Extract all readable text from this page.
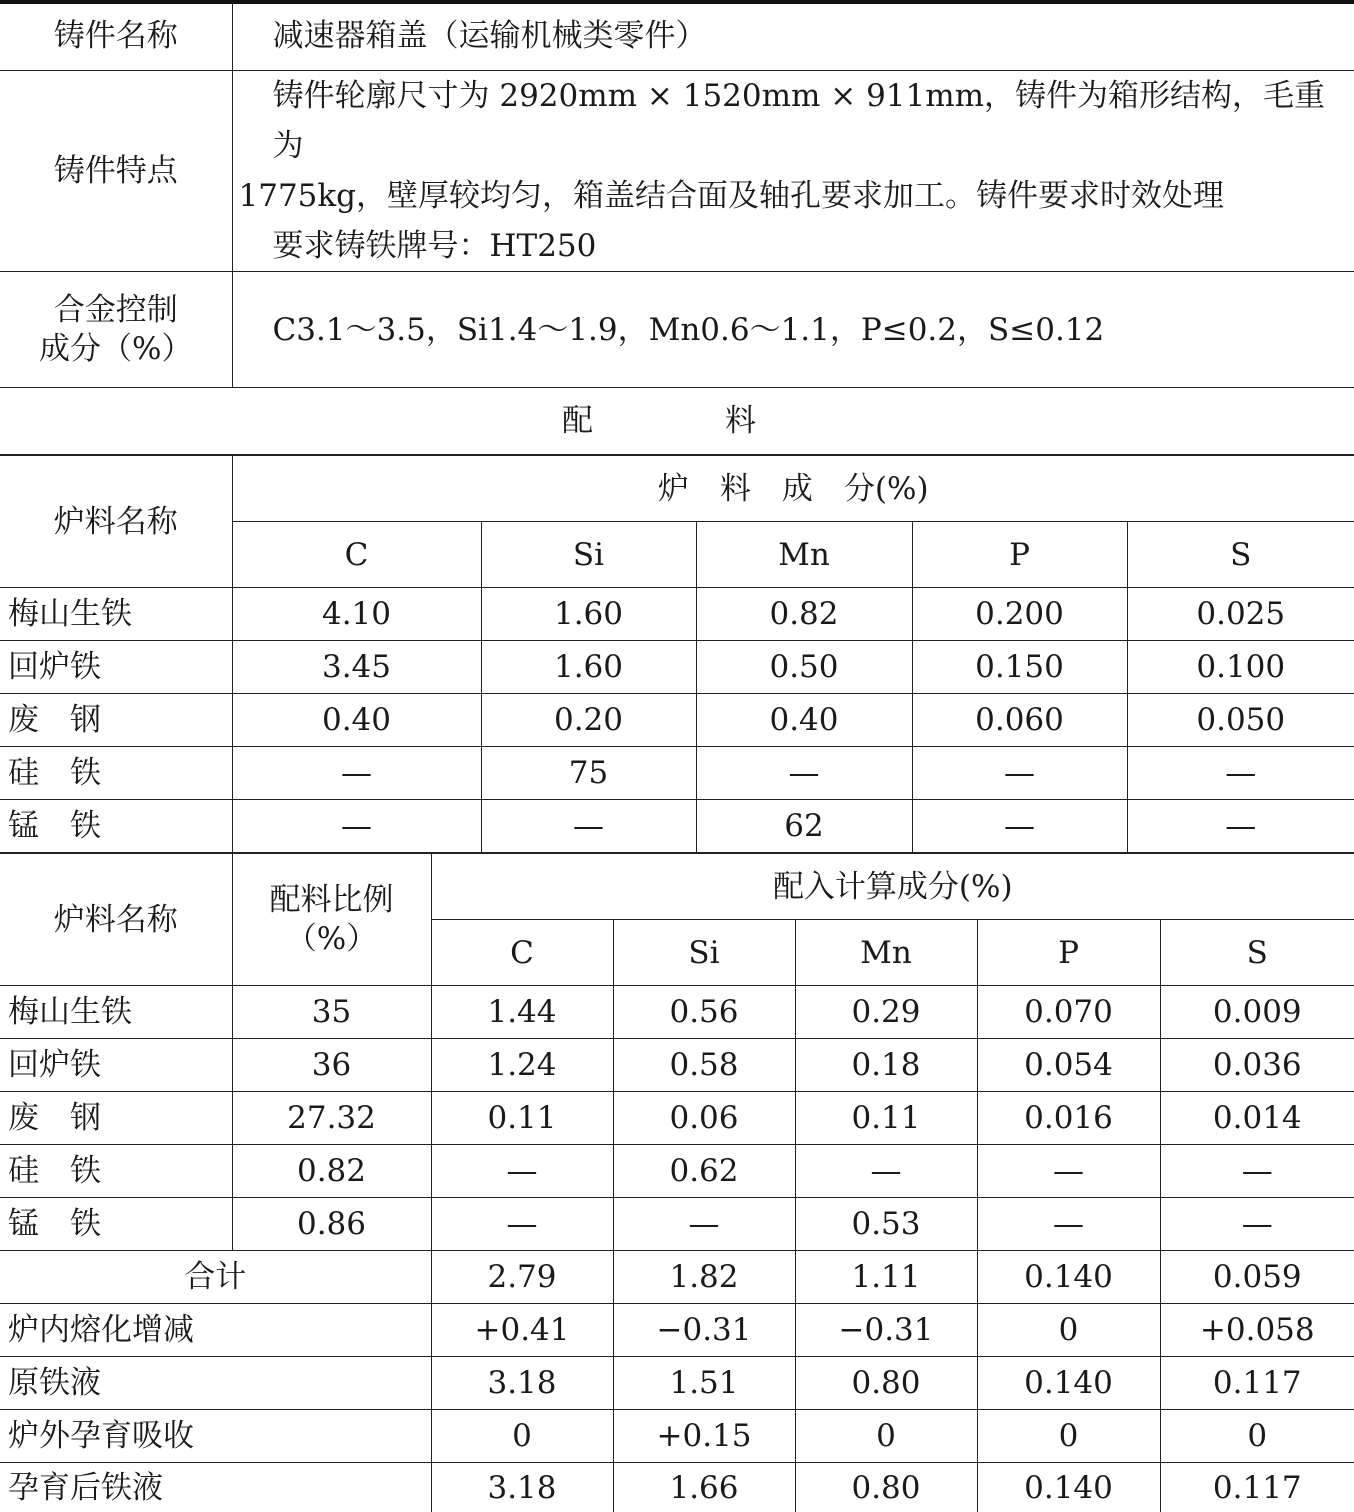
铸件名称	减速器箱盖（运输机械类零件）
铸件特点	铸件轮廓尺寸为 2920mm × 1520mm × 911mm，铸件为箱形结构，毛重为
1775kg，壁厚较均匀，箱盖结合面及轴孔要求加工。铸件要求时效处理
要求铸铁牌号：HT250

合金控制
成分（%）	C3.1～3.5，Si1.4～1.9，Mn0.6～1.1，P≤0.2，S≤0.12
配 料	
炉料名称	炉　料　成　分(%)				
	C	Si	Mn	P	S
梅山生铁	4.10	1.60	0.82	0.200	0.025
回炉铁	3.45	1.60	0.50	0.150	0.100
废　钢	0.40	0.20	0.40	0.060	0.050
硅　铁	—	75	—	—	—
锰　铁	—	—	62	—	—
炉料名称	配料比例
（%）	配入计算成分(%)				
		C	Si	Mn	P	S
梅山生铁	35	1.44	0.56	0.29	0.070	0.009
回炉铁	36	1.24	0.58	0.18	0.054	0.036
废　钢	27.32	0.11	0.06	0.11	0.016	0.014
硅　铁	0.82	—	0.62	—	—	—
锰　铁	0.86	—	—	0.53	—	—
合计		2.79	1.82	1.11	0.140	0.059
炉内熔化增减		+0.41	−0.31	−0.31	0	+0.058
原铁液		3.18	1.51	0.80	0.140	0.117
炉外孕育吸收		0	+0.15	0	0	0
孕育后铁液		3.18	1.66	0.80	0.140	0.117
